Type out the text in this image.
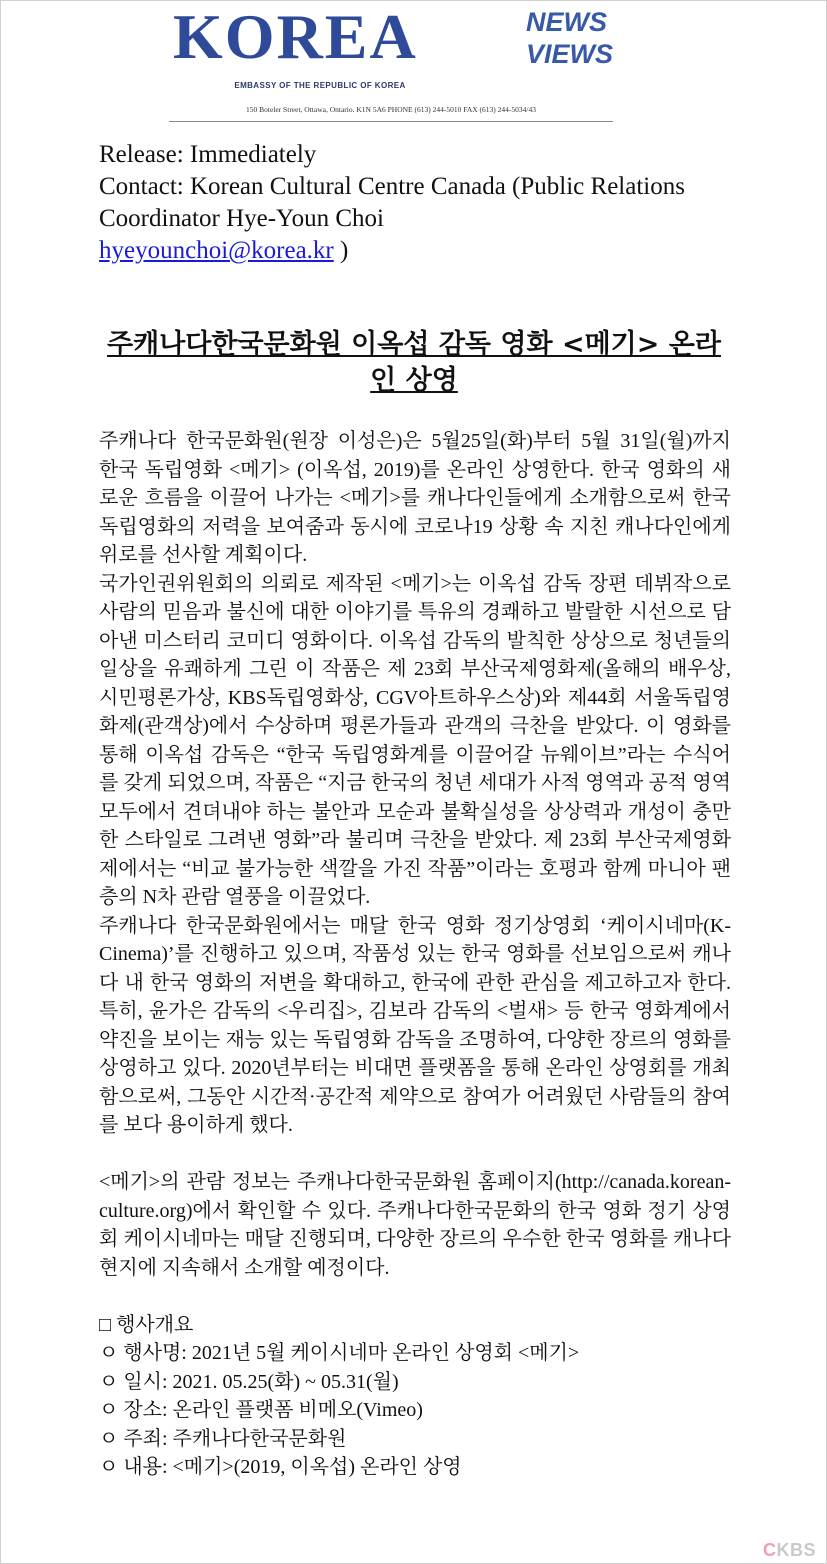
KOREA	NEWS
VIEWS
EMBASSY OF THE REPUBLIC OF KOREA
150 Boteler Street, Ottawa, Ontario. K1N 5A6 PHONE (613) 244-5010 FAX (613) 244-5034/43
Release: Immediately
Contact: Korean Cultural Centre Canada (Public Relations Coordinator Hye-Youn Choi
hyeyounchoi@korea.kr )
주캐나다한국문화원 이옥섭 감독 영화 <메기> 온라인 상영

주캐나다 한국문화원(원장 이성은)은 5월25일(화)부터 5월 31일(월)까지 한국 독립영화 <메기> (이옥섭, 2019)를 온라인 상영한다. 한국 영화의 새로운 흐름을 이끌어 나가는 <메기>를 캐나다인들에게 소개함으로써 한국 독립영화의 저력을 보여줌과 동시에 코로나19 상황 속 지친 캐나다인에게 위로를 선사할 계획이다.

국가인권위원회의 의뢰로 제작된 <메기>는 이옥섭 감독 장편 데뷔작으로 사람의 믿음과 불신에 대한 이야기를 특유의 경쾌하고 발랄한 시선으로 담아낸 미스터리 코미디 영화이다. 이옥섭 감독의 발칙한 상상으로 청년들의 일상을 유쾌하게 그린 이 작품은 제 23회 부산국제영화제(올해의 배우상, 시민평론가상, KBS독립영화상, CGV아트하우스상)와 제44회 서울독립영화제(관객상)에서 수상하며 평론가들과 관객의 극찬을 받았다. 이 영화를 통해 이옥섭 감독은 “한국 독립영화계를 이끌어갈 뉴웨이브”라는 수식어를 갖게 되었으며, 작품은 “지금 한국의 청년 세대가 사적 영역과 공적 영역 모두에서 견뎌내야 하는 불안과 모순과 불확실성을 상상력과 개성이 충만한 스타일로 그려낸 영화”라 불리며 극찬을 받았다. 제 23회 부산국제영화제에서는 “비교 불가능한 색깔을 가진 작품”이라는 호평과 함께 마니아 팬층의 N차 관람 열풍을 이끌었다.

주캐나다 한국문화원에서는 매달 한국 영화 정기상영회 ‘케이시네마(K-Cinema)’를 진행하고 있으며, 작품성 있는 한국 영화를 선보임으로써 캐나다 내 한국 영화의 저변을 확대하고, 한국에 관한 관심을 제고하고자 한다. 특히, 윤가은 감독의 <우리집>, 김보라 감독의 <벌새> 등 한국 영화계에서 약진을 보이는 재능 있는 독립영화 감독을 조명하여, 다양한 장르의 영화를 상영하고 있다. 2020년부터는 비대면 플랫폼을 통해 온라인 상영회를 개최함으로써, 그동안 시간적·공간적 제약으로 참여가 어려웠던 사람들의 참여를 보다 용이하게 했다.

<메기>의 관람 정보는 주캐나다한국문화원 홈페이지(http://canada.korean-culture.org)에서 확인할 수 있다. 주캐나다한국문화의 한국 영화 정기 상영회 케이시네마는 매달 진행되며, 다양한 장르의 우수한 한국 영화를 캐나다 현지에 지속해서 소개할 예정이다.

□ 행사개요

ㅇ 행사명: 2021년 5월 케이시네마 온라인 상영회 <메기>
ㅇ 일시: 2021. 05.25(화) ~ 05.31(월)
ㅇ 장소: 온라인 플랫폼 비메오(Vimeo)
ㅇ 주죄: 주캐나다한국문화원
ㅇ 내용: <메기>(2019, 이옥섭) 온라인 상영
CKBS
